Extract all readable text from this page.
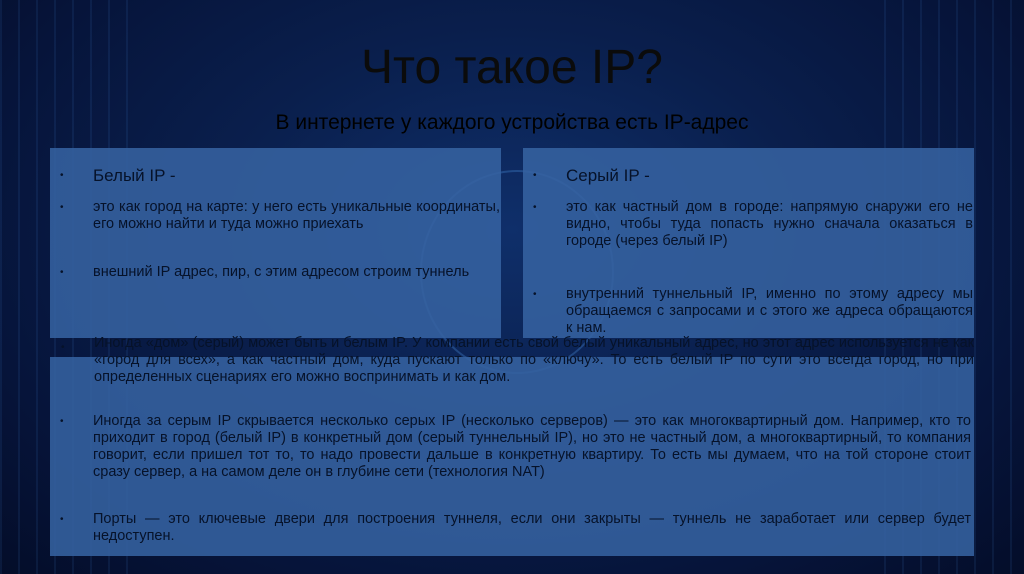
Что такое IP?
В интернете у каждого устройства есть IP-адрес
• Белый IP -
• это как город на карте: у него есть уникальные координаты, его можно найти и туда можно приехать
• внешний IP адрес, пир, с этим адресом строим туннель
• Серый IP -
• это как частный дом в городе: напрямую снаружи его не видно, чтобы туда попасть нужно сначала оказаться в городе (через белый IP)
• внутренний туннельный IP, именно по этому адресу мы обращаемся с запросами и с этого же адреса обращаются к нам.
• Иногда за серым IP скрывается несколько серых IP (несколько серверов) — это как многоквартирный дом. Например, кто то приходит в город (белый IP) в конкретный дом (серый туннельный IP), но это не частный дом, а многоквартирный, то компания говорит, если пришел тот то, то надо провести дальше в конкретную квартиру. То есть мы думаем, что на той стороне стоит сразу сервер, а на самом деле он в глубине сети (технология NAT)
• Порты — это ключевые двери для построения туннеля, если они закрыты — туннель не заработает или сервер будет недоступен.
• Иногда «дом» (серый) может быть и белым IP. У компании есть свой белый уникальный адрес, но этот адрес используется не как «город для всех», а как частный дом, куда пускают только по «ключу». То есть белый IP по сути это всегда город, но при определенных сценариях его можно воспринимать и как дом.
